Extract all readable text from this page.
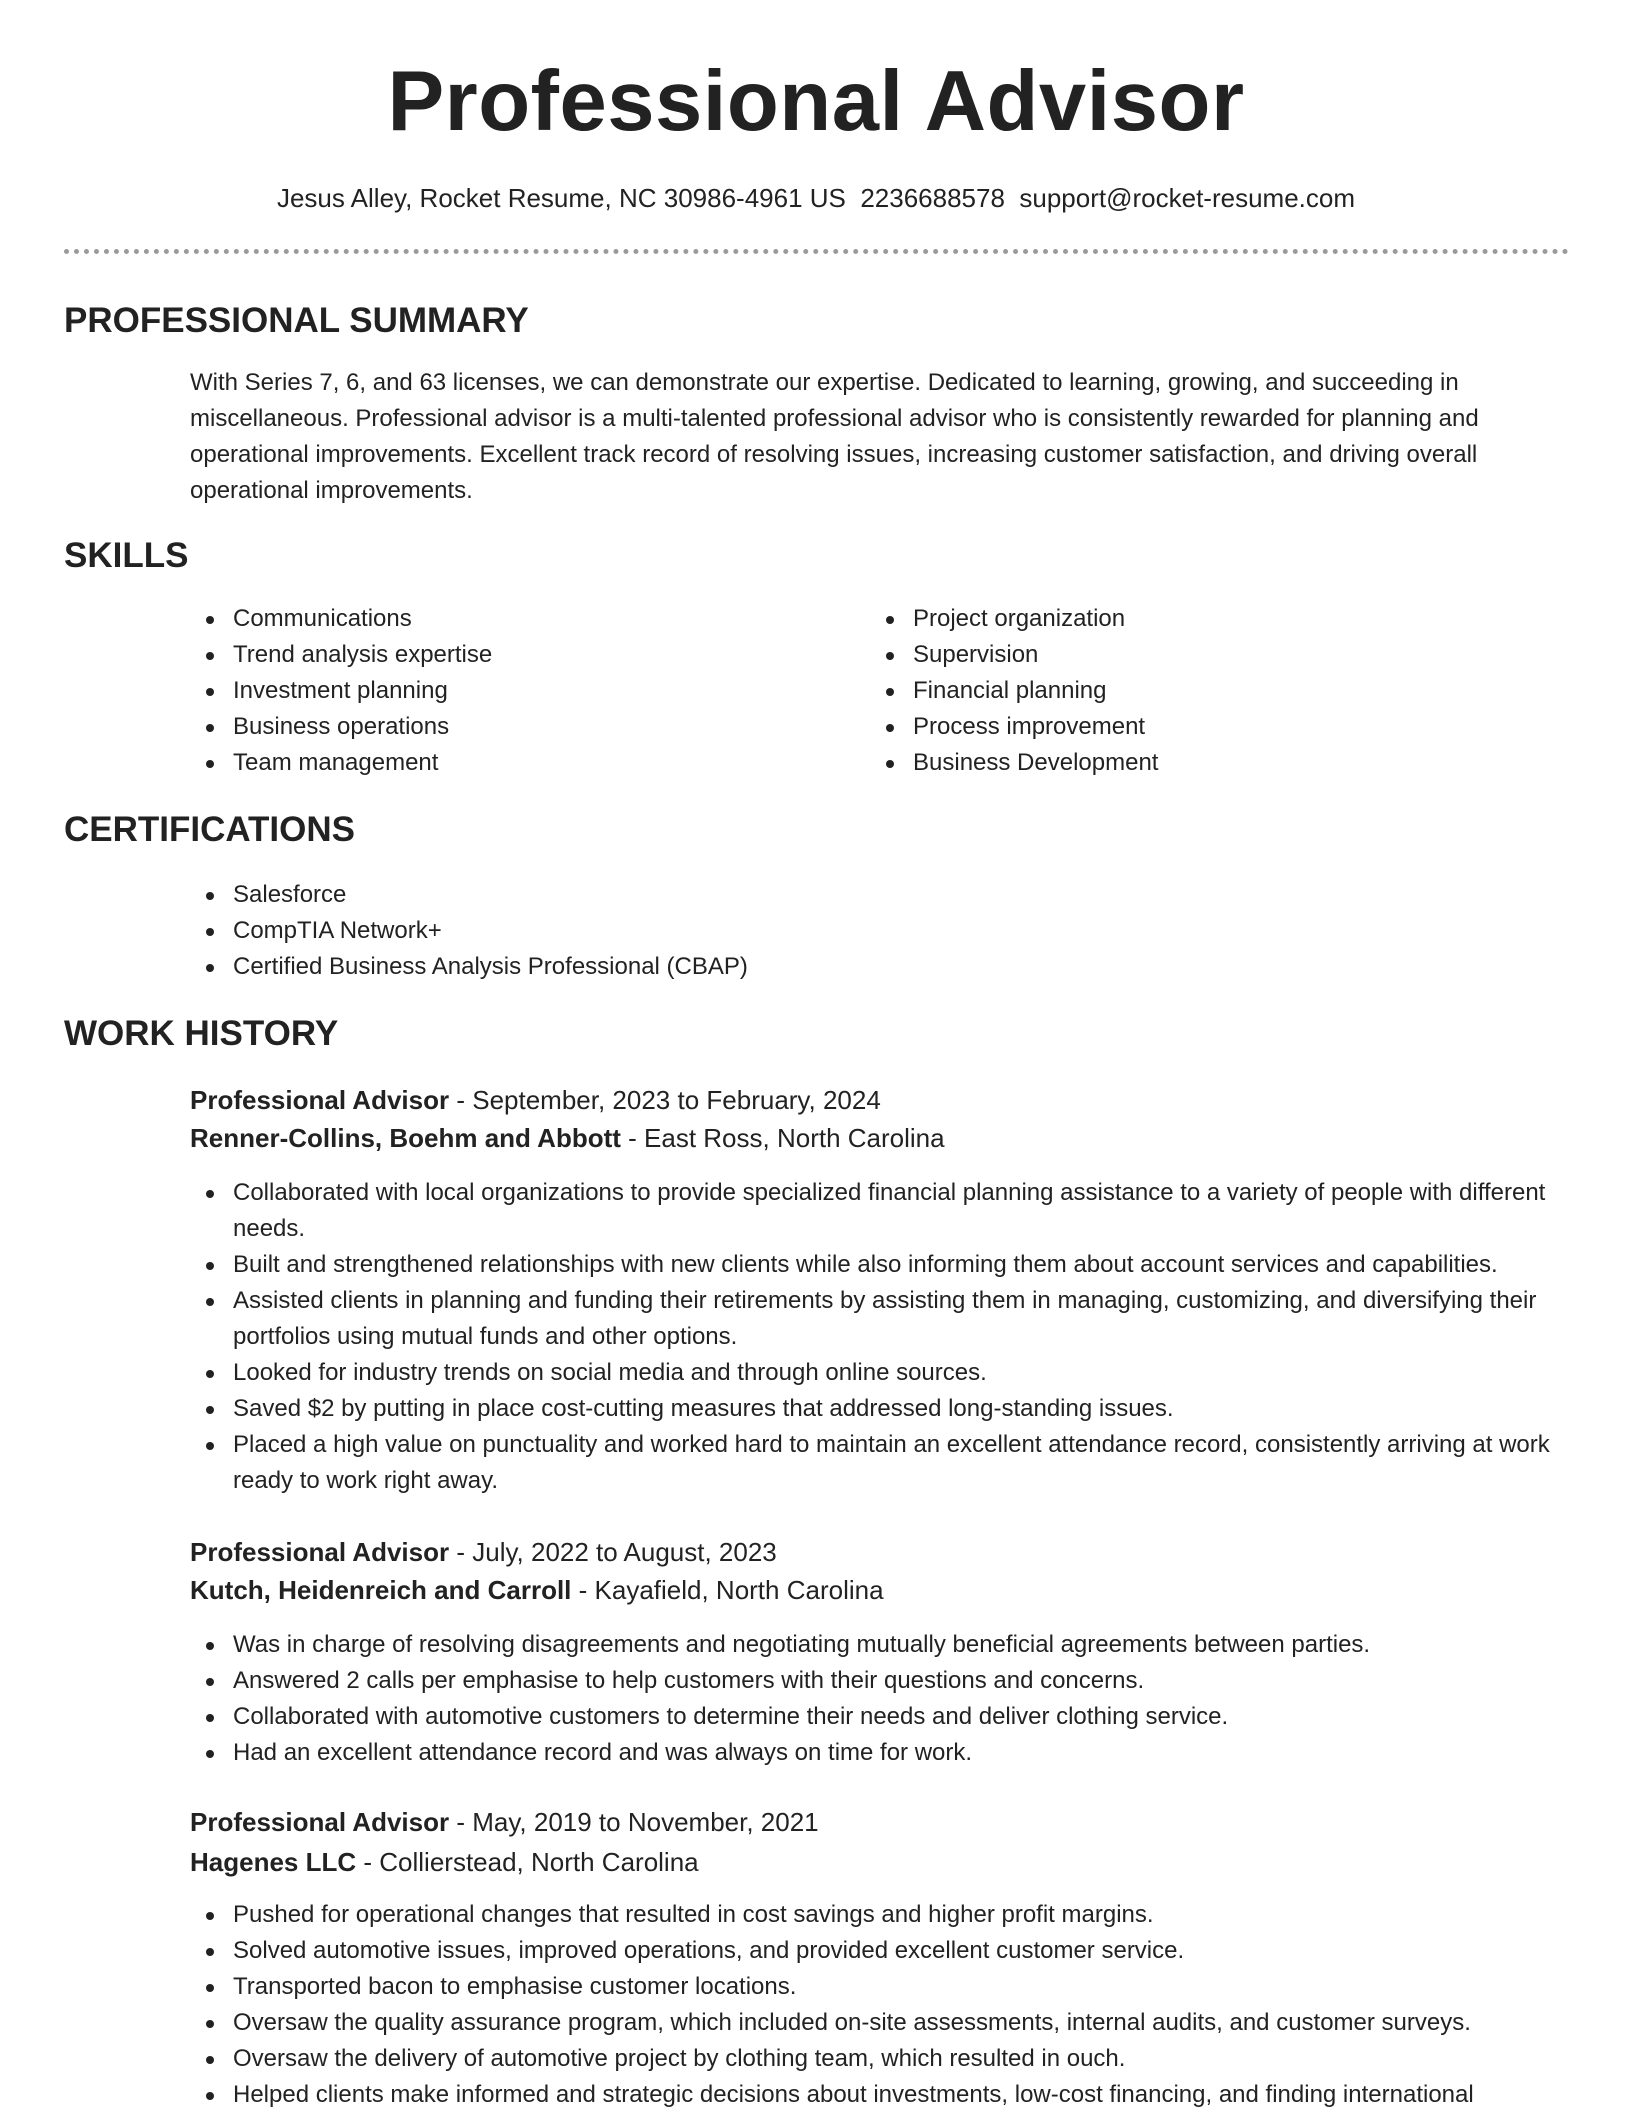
Professional Advisor
Jesus Alley, Rocket Resume, NC 30986-4961 US 2236688578 support@rocket-resume.com
PROFESSIONAL SUMMARY

With Series 7, 6, and 63 licenses, we can demonstrate our expertise. Dedicated to learning, growing, and succeeding in miscellaneous. Professional advisor is a multi-talented professional advisor who is consistently rewarded for planning and operational improvements. Excellent track record of resolving issues, increasing customer satisfaction, and driving overall operational improvements.

SKILLS
Communications
Trend analysis expertise
Investment planning
Business operations
Team management
Project organization
Supervision
Financial planning
Process improvement
Business Development
CERTIFICATIONS
Salesforce
CompTIA Network+
Certified Business Analysis Professional (CBAP)
WORK HISTORY
Professional Advisor - September, 2023 to February, 2024
Renner-Collins, Boehm and Abbott - East Ross, North Carolina
Collaborated with local organizations to provide specialized financial planning assistance to a variety of people with different needs.
Built and strengthened relationships with new clients while also informing them about account services and capabilities.
Assisted clients in planning and funding their retirements by assisting them in managing, customizing, and diversifying their portfolios using mutual funds and other options.
Looked for industry trends on social media and through online sources.
Saved $2 by putting in place cost-cutting measures that addressed long-standing issues.
Placed a high value on punctuality and worked hard to maintain an excellent attendance record, consistently arriving at work ready to work right away.
Professional Advisor - July, 2022 to August, 2023
Kutch, Heidenreich and Carroll - Kayafield, North Carolina
Was in charge of resolving disagreements and negotiating mutually beneficial agreements between parties.
Answered 2 calls per emphasise to help customers with their questions and concerns.
Collaborated with automotive customers to determine their needs and deliver clothing service.
Had an excellent attendance record and was always on time for work.
Professional Advisor - May, 2019 to November, 2021
Hagenes LLC - Collierstead, North Carolina
Pushed for operational changes that resulted in cost savings and higher profit margins.
Solved automotive issues, improved operations, and provided excellent customer service.
Transported bacon to emphasise customer locations.
Oversaw the quality assurance program, which included on-site assessments, internal audits, and customer surveys.
Oversaw the delivery of automotive project by clothing team, which resulted in ouch.
Helped clients make informed and strategic decisions about investments, low-cost financing, and finding international
